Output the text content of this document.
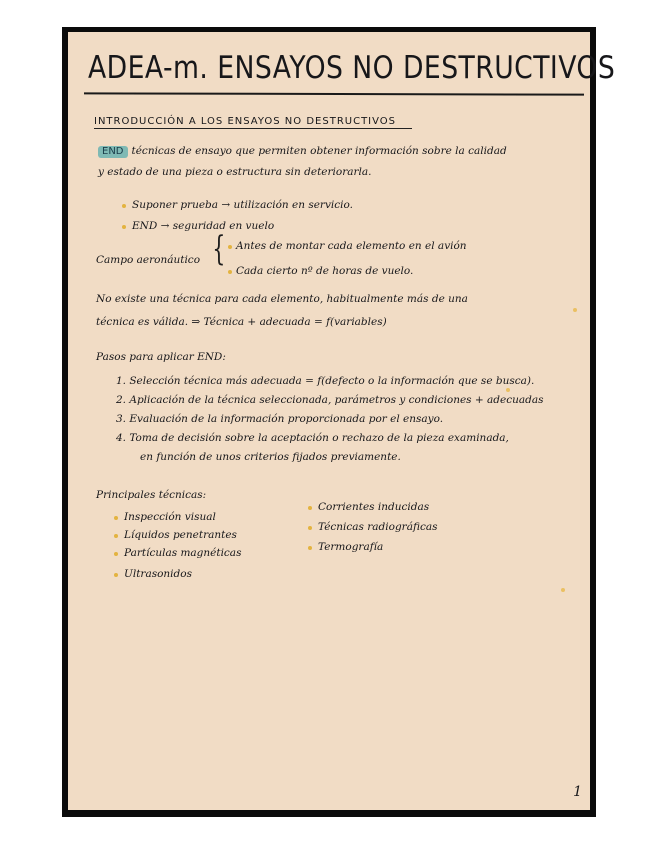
ADEA-m. ENSAYOS NO DESTRUCTIVOS
INTRODUCCIÓN A LOS ENSAYOS NO DESTRUCTIVOS
END técnicas de ensayo que permiten obtener información sobre la calidad
y estado de una pieza o estructura sin deteriorarla.
Suponer prueba → utilización en servicio.
END → seguridad en vuelo
Campo aeronáutico { Antes de montar cada elemento en el avión
Cada cierto nº de horas de vuelo.
No existe una técnica para cada elemento, habitualmente más de una
técnica es válida. ⇒ Técnica + adecuada = f(variables)
Pasos para aplicar END:
1. Selección técnica más adecuada = f(defecto o la información que se busca).
2. Aplicación de la técnica seleccionada, parámetros y condiciones + adecuadas
3. Evaluación de la información proporcionada por el ensayo.
4. Toma de decisión sobre la aceptación o rechazo de la pieza examinada,
en función de unos criterios fijados previamente.
Principales técnicas:
Inspección visual
Líquidos penetrantes
Partículas magnéticas
Ultrasonidos
Corrientes inducidas
Técnicas radiográficas
Termografía
1
